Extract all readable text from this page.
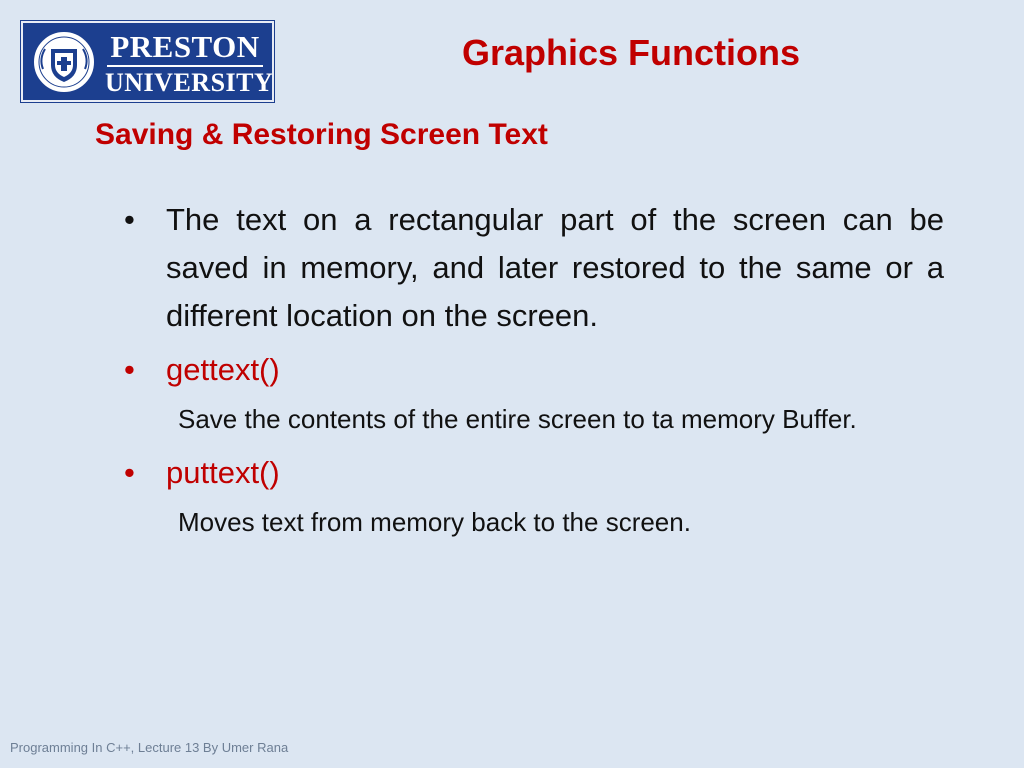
PRESTON
UNIVERSITY
Graphics Functions
Saving & Restoring Screen Text
• The text on a rectangular part of the screen can be saved in memory, and later restored to the same or a different location on the screen.
• gettext()
Save the contents of the entire screen to ta memory Buffer.
• puttext()
Moves text from memory back to the screen.
Programming In C++, Lecture 13 By Umer Rana
